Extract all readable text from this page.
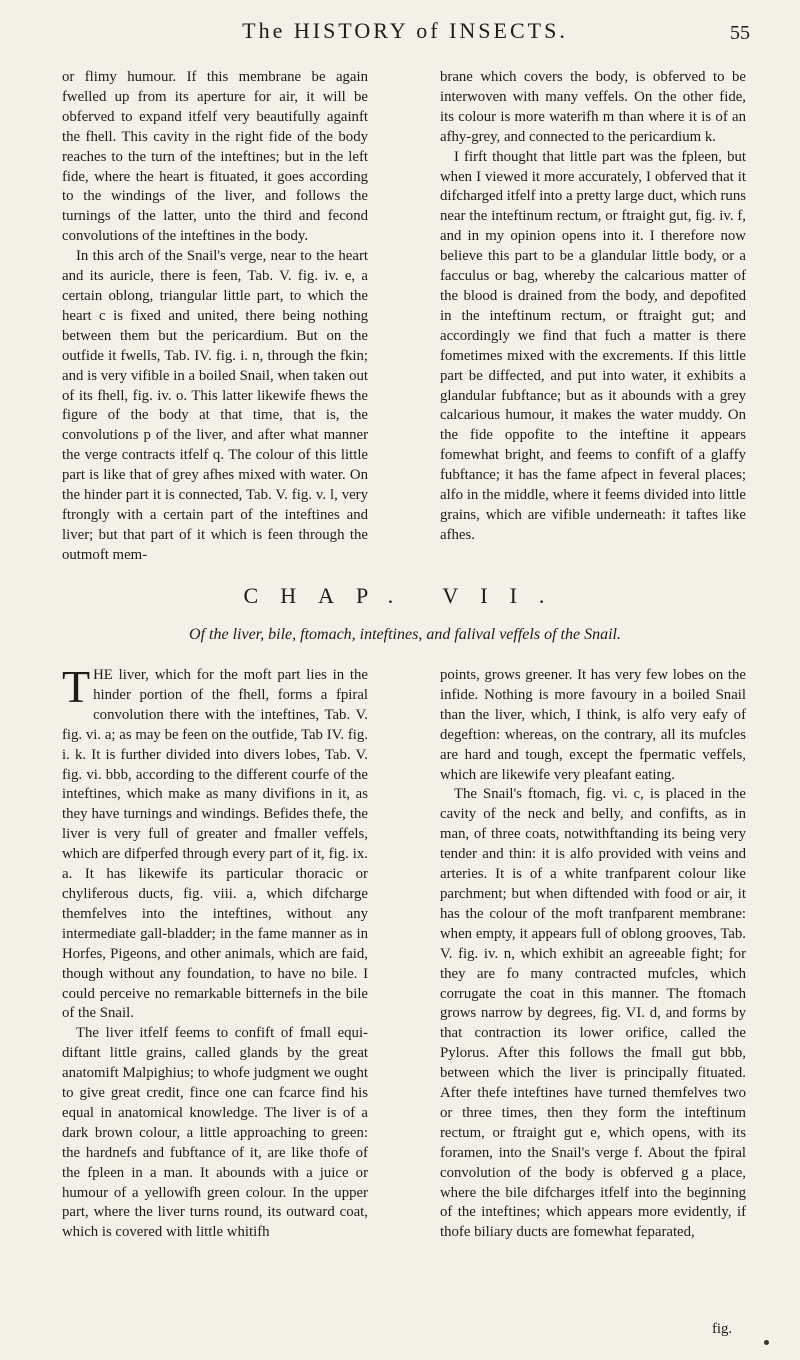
The HISTORY of INSECTS.	55

or flimy humour. If this membrane be again fwelled up from its aperture for air, it will be obferved to expand itfelf very beautifully againft the fhell. This cavity in the right fide of the body reaches to the turn of the inteftines; but in the left fide, where the heart is fituated, it goes according to the windings of the liver, and follows the turnings of the latter, unto the third and fecond convolutions of the inteftines in the body.

In this arch of the Snail's verge, near to the heart and its auricle, there is feen, Tab. V. fig. iv. e, a certain oblong, triangular little part, to which the heart c is fixed and united, there being nothing between them but the pericardium. But on the outfide it fwells, Tab. IV. fig. i. n, through the fkin; and is very vifible in a boiled Snail, when taken out of its fhell, fig. iv. o. This latter likewife fhews the figure of the body at that time, that is, the convolutions p of the liver, and after what manner the verge contracts itfelf q. The colour of this little part is like that of grey afhes mixed with water. On the hinder part it is connected, Tab. V. fig. v. l, very ftrongly with a certain part of the inteftines and liver; but that part of it which is feen through the outmoft mem-

brane which covers the body, is obferved to be interwoven with many veffels. On the other fide, its colour is more waterifh m than where it is of an afhy-grey, and connected to the pericardium k.

I firft thought that little part was the fpleen, but when I viewed it more accurately, I obferved that it difcharged itfelf into a pretty large duct, which runs near the inteftinum rectum, or ftraight gut, fig. iv. f, and in my opinion opens into it. I therefore now believe this part to be a glandular little body, or a facculus or bag, whereby the calcarious matter of the blood is drained from the body, and depofited in the inteftinum rectum, or ftraight gut; and accordingly we find that fuch a matter is there fometimes mixed with the excrements. If this little part be diffected, and put into water, it exhibits a glandular fubftance; but as it abounds with a grey calcarious humour, it makes the water muddy. On the fide oppofite to the inteftine it appears fomewhat bright, and feems to confift of a glaffy fubftance; it has the fame afpect in feveral places; alfo in the middle, where it feems divided into little grains, which are vifible underneath: it taftes like afhes.

CHAP. VII.
Of the liver, bile, ftomach, inteftines, and falival veffels of the Snail.

THE liver, which for the moft part lies in the hinder portion of the fhell, forms a fpiral convolution there with the inteftines, Tab. V. fig. vi. a; as may be feen on the outfide, Tab IV. fig. i. k. It is further divided into divers lobes, Tab. V. fig. vi. bbb, according to the different courfe of the inteftines, which make as many divifions in it, as they have turnings and windings. Befides thefe, the liver is very full of greater and fmaller veffels, which are difperfed through every part of it, fig. ix. a. It has likewife its particular thoracic or chyliferous ducts, fig. viii. a, which difcharge themfelves into the inteftines, without any intermediate gall-bladder; in the fame manner as in Horfes, Pigeons, and other animals, which are faid, though without any foundation, to have no bile. I could perceive no remarkable bitternefs in the bile of the Snail.

The liver itfelf feems to confift of fmall equi-diftant little grains, called glands by the great anatomift Malpighius; to whofe judgment we ought to give great credit, fince one can fcarce find his equal in anatomical knowledge. The liver is of a dark brown colour, a little approaching to green: the hardnefs and fubftance of it, are like thofe of the fpleen in a man. It abounds with a juice or humour of a yellowifh green colour. In the upper part, where the liver turns round, its outward coat, which is covered with little whitifh

points, grows greener. It has very few lobes on the infide. Nothing is more favoury in a boiled Snail than the liver, which, I think, is alfo very eafy of degeftion: whereas, on the contrary, all its mufcles are hard and tough, except the fpermatic veffels, which are likewife very pleafant eating.

The Snail's ftomach, fig. vi. c, is placed in the cavity of the neck and belly, and confifts, as in man, of three coats, notwithftanding its being very tender and thin: it is alfo provided with veins and arteries. It is of a white tranfparent colour like parchment; but when diftended with food or air, it has the colour of the moft tranfparent membrane: when empty, it appears full of oblong grooves, Tab. V. fig. iv. n, which exhibit an agreeable fight; for they are fo many contracted mufcles, which corrugate the coat in this manner. The ftomach grows narrow by degrees, fig. VI. d, and forms by that contraction its lower orifice, called the Pylorus. After this follows the fmall gut bbb, between which the liver is principally fituated. After thefe inteftines have turned themfelves two or three times, then they form the inteftinum rectum, or ftraight gut e, which opens, with its foramen, into the Snail's verge f. About the fpiral convolution of the body is obferved g a place, where the bile difcharges itfelf into the beginning of the inteftines; which appears more evidently, if thofe biliary ducts are fomewhat feparated,

fig.
